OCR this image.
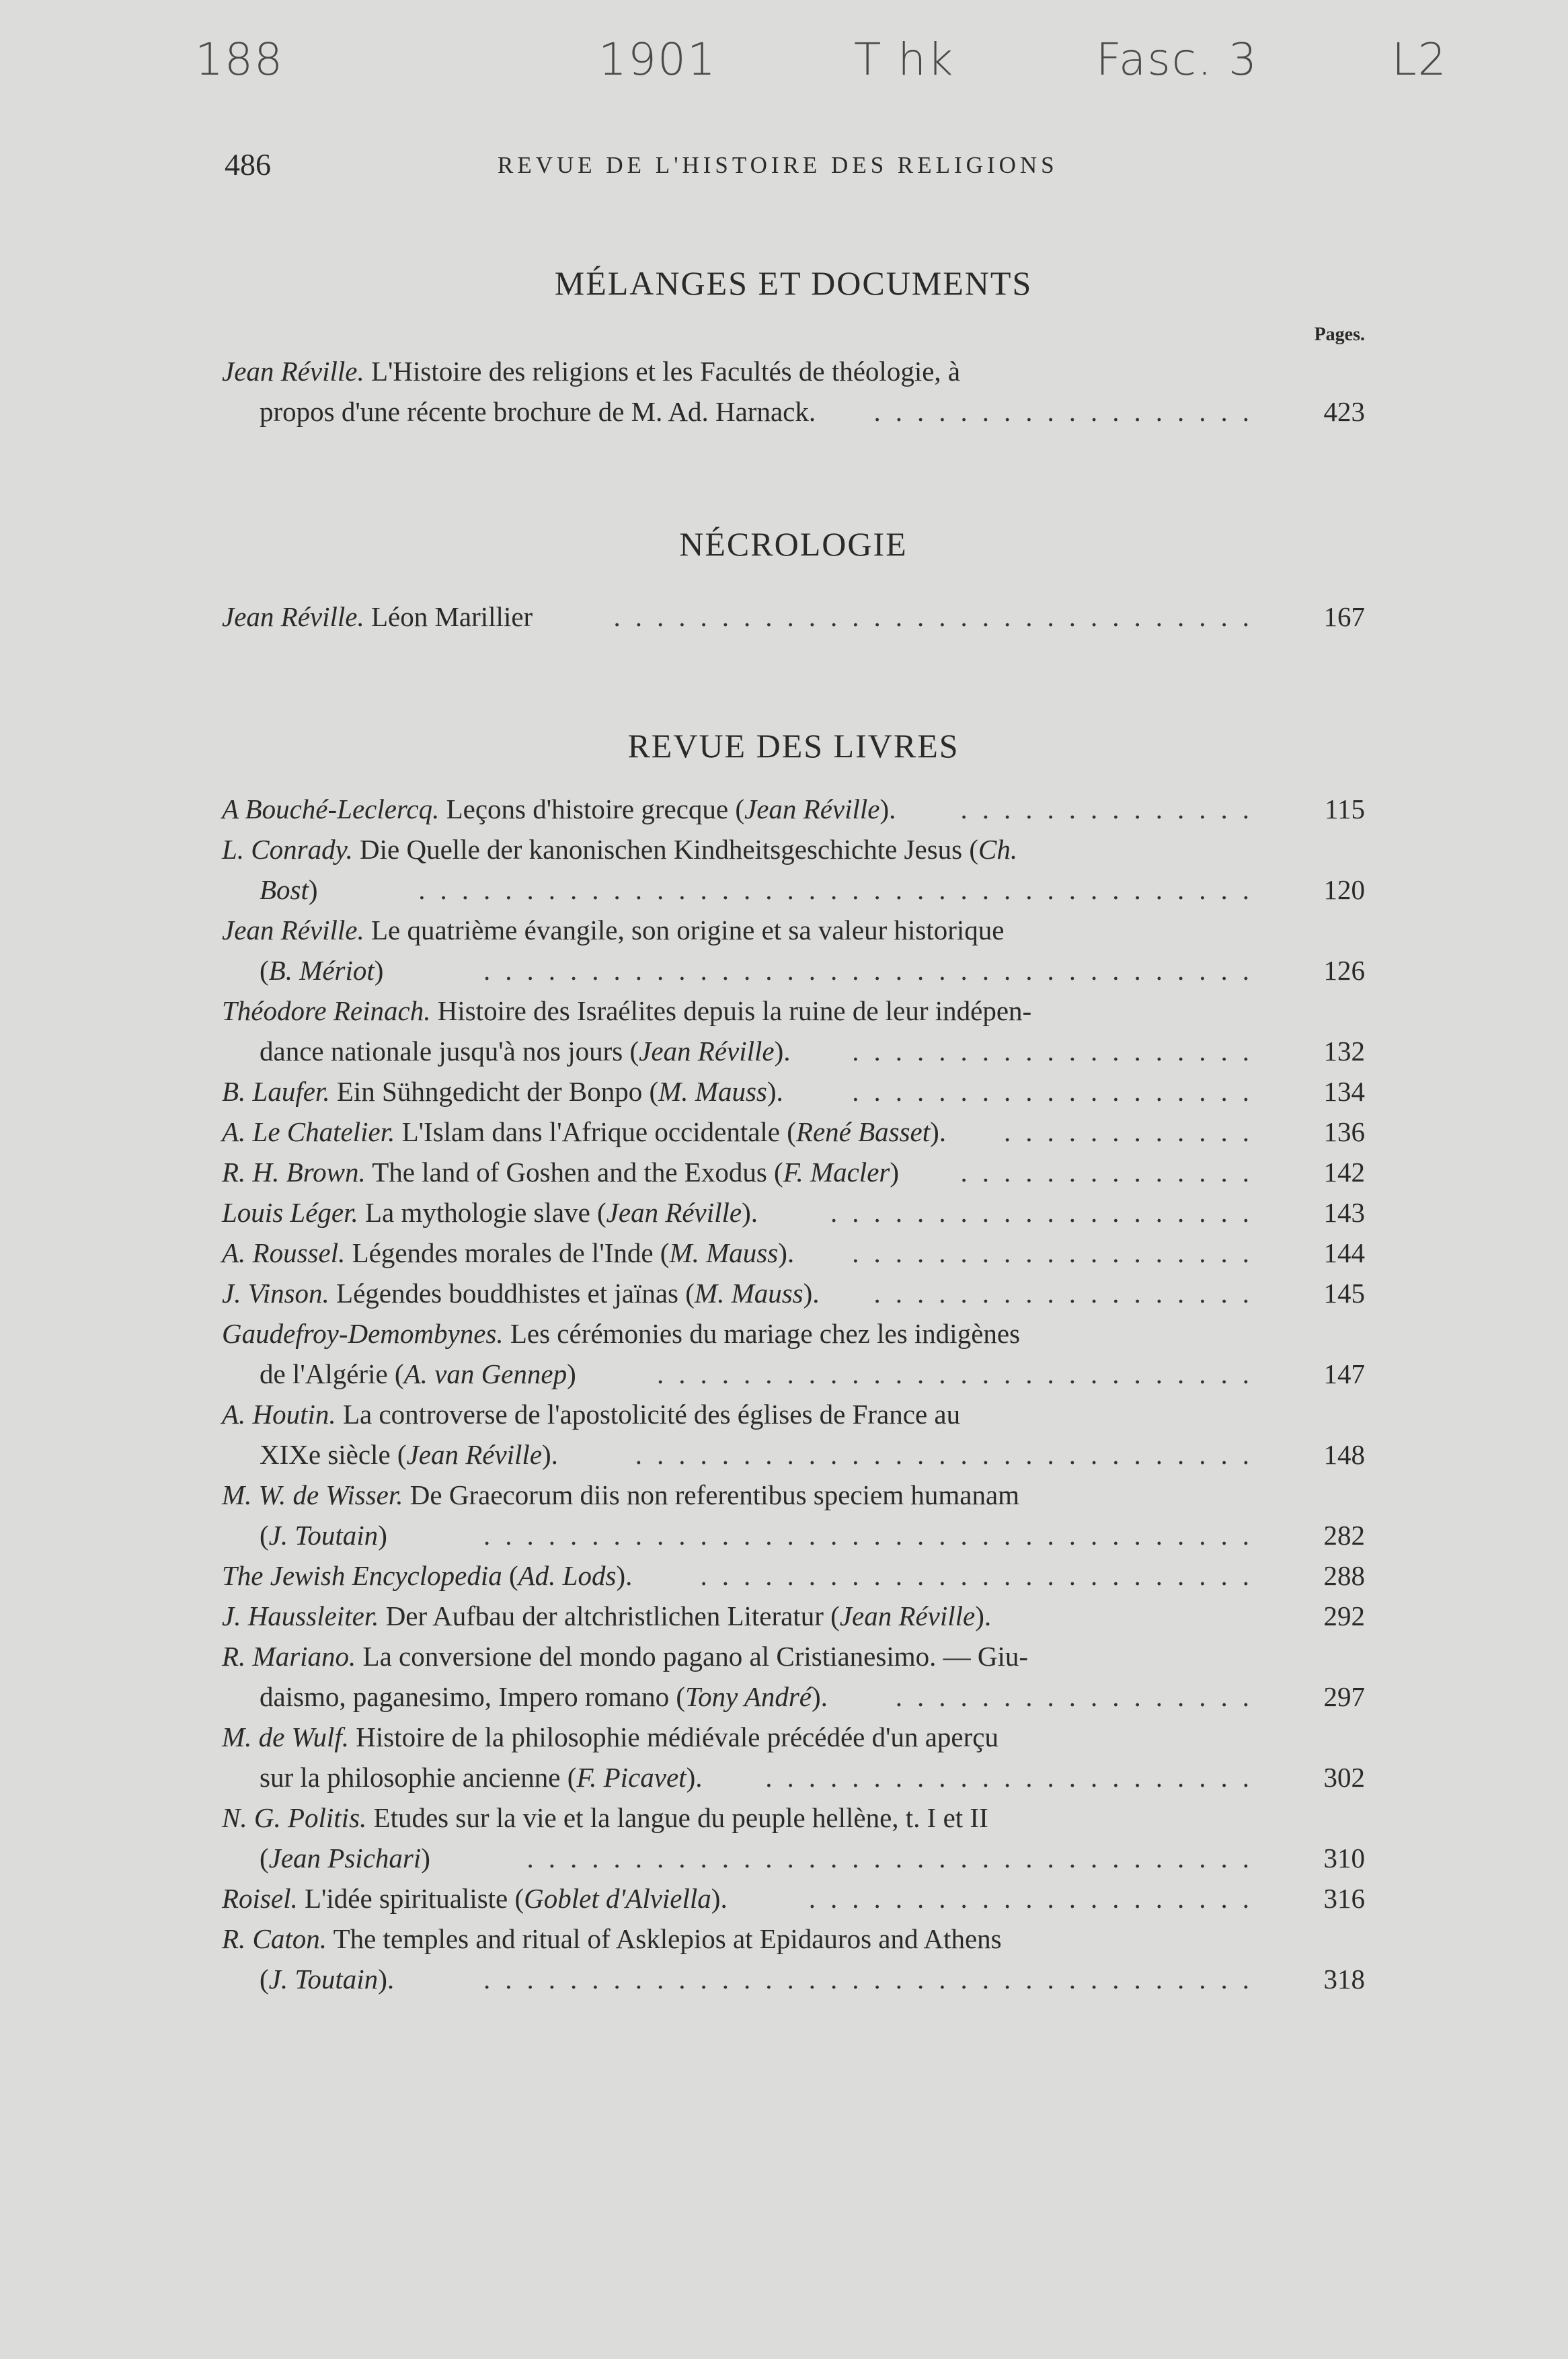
188	1901	T hk	Fasc. 3	L2
486	REVUE DE L'HISTOIRE DES RELIGIONS
MÉLANGES ET DOCUMENTS
Pages.
Jean Réville. L'Histoire des religions et les Facultés de théologie, à
propos d'une récente brochure de M. Ad. Harnack. ..................	423
NÉCROLOGIE
Jean Réville. Léon Marillier	..............................	167
REVUE DES LIVRES
A Bouché-Leclercq. Leçons d'histoire grecque (Jean Réville). ..............	115
L. Conrady. Die Quelle der kanonischen Kindheitsgeschichte Jesus (Ch.
Bost)	.......................................	120
Jean Réville. Le quatrième évangile, son origine et sa valeur historique
(B. Mériot)	....................................	126
Théodore Reinach. Histoire des Israélites depuis la ruine de leur indépen-
dance nationale jusqu'à nos jours (Jean Réville). ...................	132
B. Laufer. Ein Sühngedicht der Bonpo (M. Mauss). ...................	134
A. Le Chatelier. L'Islam dans l'Afrique occidentale (René Basset). ............	136
R. H. Brown. The land of Goshen and the Exodus (F. Macler) ..............	142
Louis Léger. La mythologie slave (Jean Réville).	....................	143
A. Roussel. Légendes morales de l'Inde (M. Mauss). ...................	144
J. Vinson. Légendes bouddhistes et jaïnas (M. Mauss). ..................	145
Gaudefroy-Demombynes. Les cérémonies du mariage chez les indigènes
de l'Algérie (A. van Gennep)	............................	147
A. Houtin. La controverse de l'apostolicité des églises de France au
XIXe siècle (Jean Réville).	.............................	148
M. W. de Wisser. De Graecorum diis non referentibus speciem humanam
(J. Toutain)	....................................	282
The Jewish Encyclopedia (Ad. Lods). ..........................	288
J. Haussleiter. Der Aufbau der altchristlichen Literatur (Jean Réville).	292
R. Mariano. La conversione del mondo pagano al Cristianesimo. — Giu-
daismo, paganesimo, Impero romano (Tony André). .................	297
M. de Wulf. Histoire de la philosophie médiévale précédée d'un aperçu
sur la philosophie ancienne (F. Picavet). .......................	302
N. G. Politis. Etudes sur la vie et la langue du peuple hellène, t. I et II
(Jean Psichari)	..................................	310
Roisel. L'idée spiritualiste (Goblet d'Alviella).	.....................	316
R. Caton. The temples and ritual of Asklepios at Epidauros and Athens
(J. Toutain).	....................................	318
